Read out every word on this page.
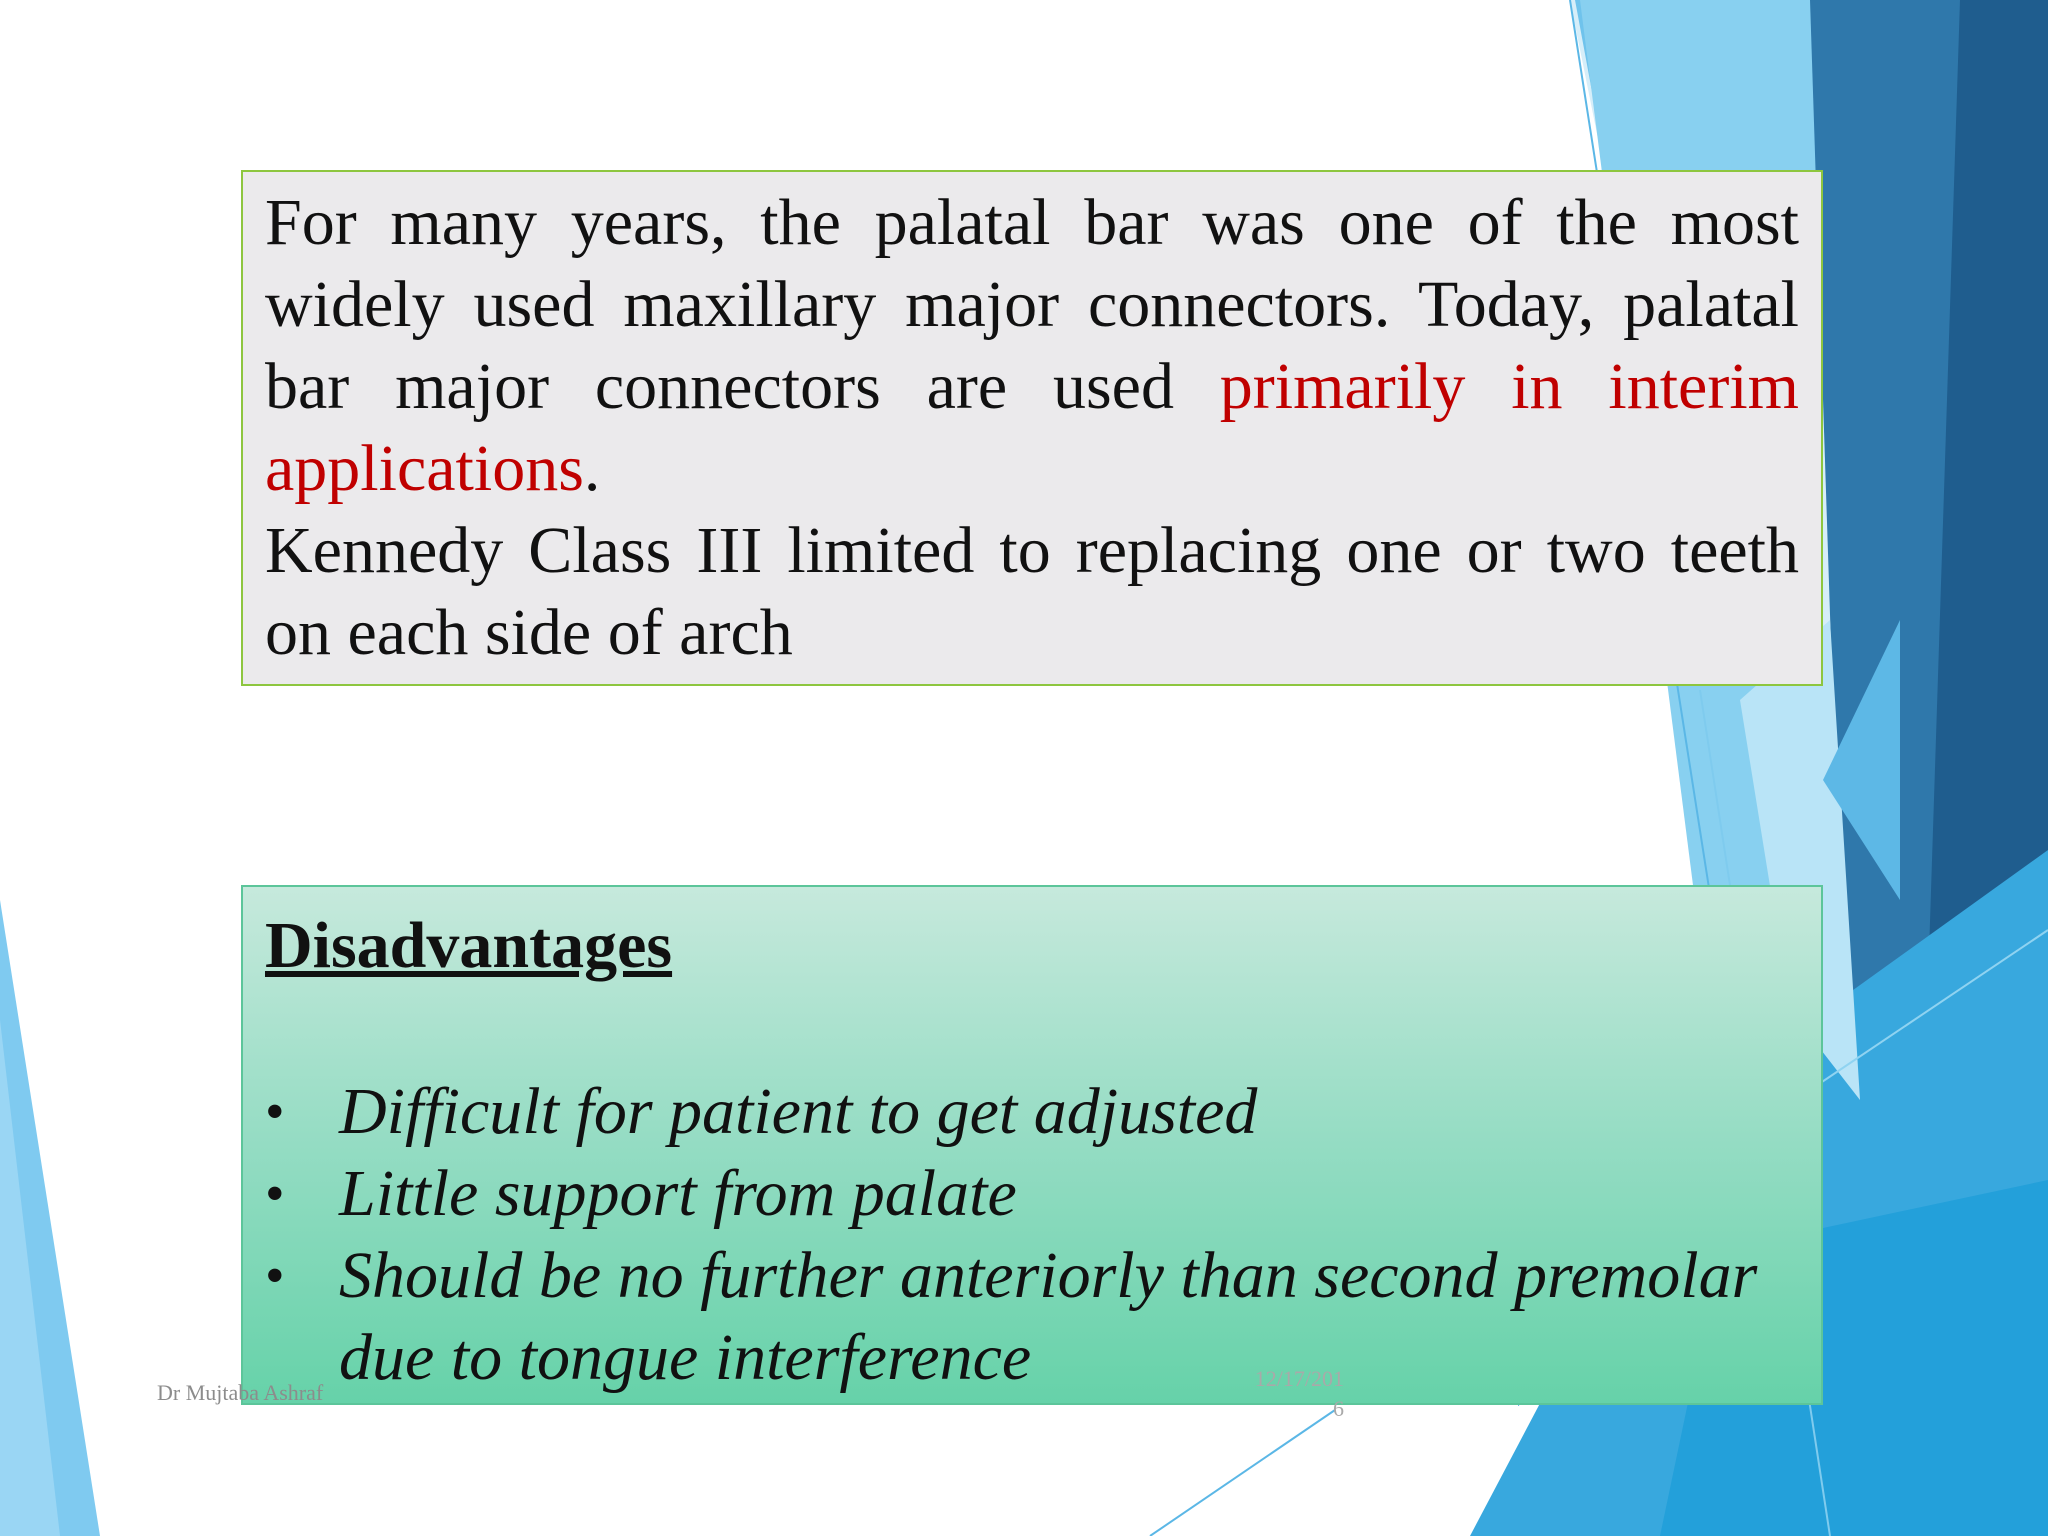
For many years, the palatal bar was one of the most widely used maxillary major connectors. Today, palatal bar major connectors are used primarily in interim applications.

Kennedy Class III limited to replacing one or two teeth on each side of arch

Disadvantages

• Difficult for patient to get adjusted
• Little support from palate
• Should be no further anteriorly than second premolar due to tongue interference
Dr Mujtaba Ashraf
12/17/201
6
